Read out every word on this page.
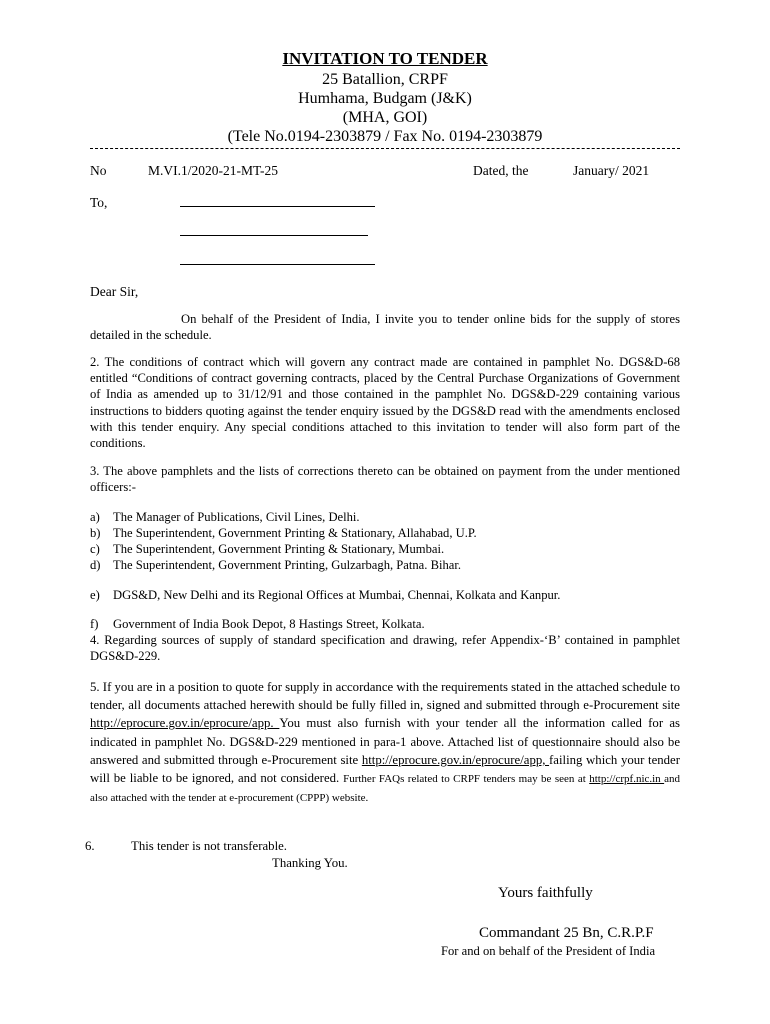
INVITATION TO TENDER
25 Batallion, CRPF
Humhama, Budgam (J&K)
(MHA, GOI)
(Tele No.0194-2303879 / Fax No. 0194-2303879
No	M.VI.1/2020-21-MT-25	Dated, the	January/ 2021
To,
Dear Sir,
On behalf of the President of India, I invite you to tender online bids for the supply of stores detailed in the schedule.
2. The conditions of contract which will govern any contract made are contained in pamphlet No. DGS&D-68 entitled “Conditions of contract governing contracts, placed by the Central Purchase Organizations of Government of India as amended up to 31/12/91 and those contained in the pamphlet No. DGS&D-229 containing various instructions to bidders quoting against the tender enquiry issued by the DGS&D read with the amendments enclosed with this tender enquiry. Any special conditions attached to this invitation to tender will also form part of the conditions.
3. The above pamphlets and the lists of corrections thereto can be obtained on payment from the under mentioned officers:-
a) The Manager of Publications, Civil Lines, Delhi.
b) The Superintendent, Government Printing & Stationary, Allahabad, U.P.
c) The Superintendent, Government Printing & Stationary, Mumbai.
d) The Superintendent, Government Printing, Gulzarbagh, Patna. Bihar.
e) DGS&D, New Delhi and its Regional Offices at Mumbai, Chennai, Kolkata and Kanpur.
f) Government of India Book Depot, 8 Hastings Street, Kolkata.
4. Regarding sources of supply of standard specification and drawing, refer Appendix-‘B’ contained in pamphlet DGS&D-229.
5. If you are in a position to quote for supply in accordance with the requirements stated in the attached schedule to tender, all documents attached herewith should be fully filled in, signed and submitted through e-Procurement site http://eprocure.gov.in/eprocure/app. You must also furnish with your tender all the information called for as indicated in pamphlet No. DGS&D-229 mentioned in para-1 above. Attached list of questionnaire should also be answered and submitted through e-Procurement site http://eprocure.gov.in/eprocure/app, failing which your tender will be liable to be ignored, and not considered. Further FAQs related to CRPF tenders may be seen at http://crpf.nic.in and also attached with the tender at e-procurement (CPPP) website.
6.	This tender is not transferable.
Thanking You.
Yours faithfully
Commandant 25 Bn, C.R.P.F
For and on behalf of the President of India
